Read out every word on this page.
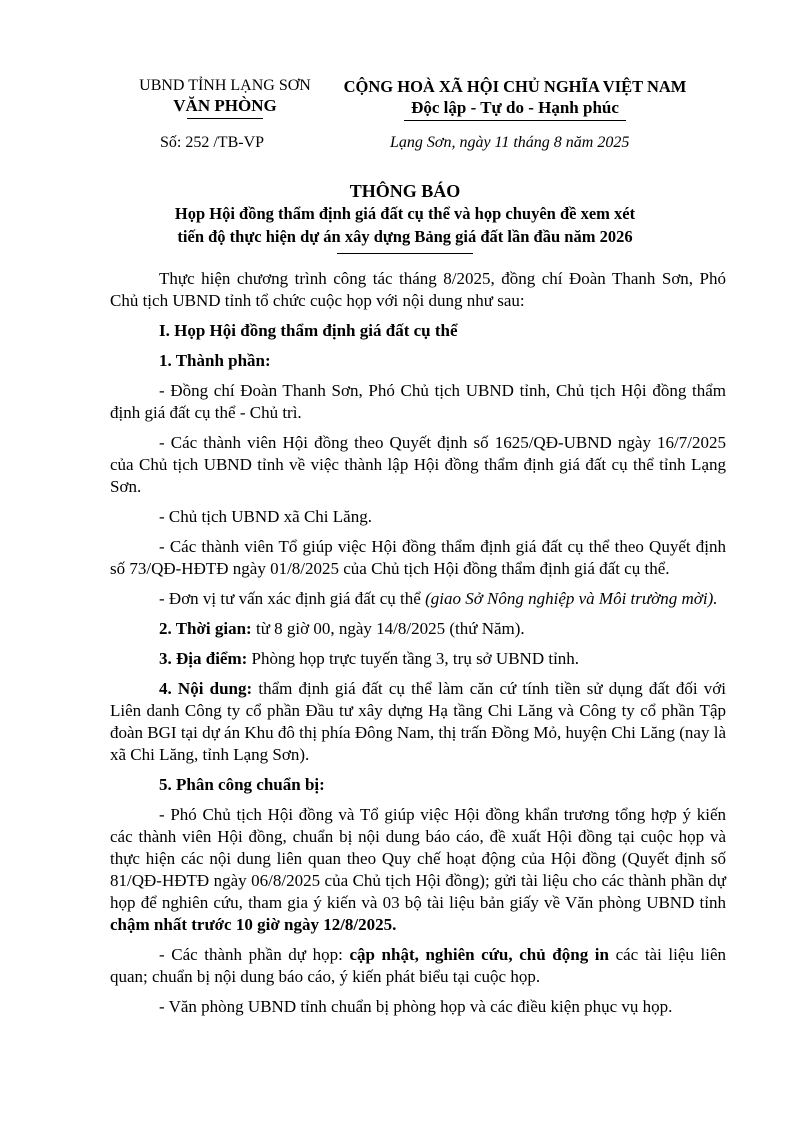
UBND TỈNH LẠNG SƠN
VĂN PHÒNG
CỘNG HOÀ XÃ HỘI CHỦ NGHĨA VIỆT NAM
Độc lập - Tự do - Hạnh phúc
Số: 252 /TB-VP	Lạng Sơn, ngày 11 tháng 8 năm 2025
THÔNG BÁO
Họp Hội đồng thẩm định giá đất cụ thể và họp chuyên đề xem xét
tiến độ thực hiện dự án xây dựng Bảng giá đất lần đầu năm 2026

Thực hiện chương trình công tác tháng 8/2025, đồng chí Đoàn Thanh Sơn, Phó Chủ tịch UBND tỉnh tổ chức cuộc họp với nội dung như sau:

I. Họp Hội đồng thẩm định giá đất cụ thể

1. Thành phần:

- Đồng chí Đoàn Thanh Sơn, Phó Chủ tịch UBND tỉnh, Chủ tịch Hội đồng thẩm định giá đất cụ thể - Chủ trì.

- Các thành viên Hội đồng theo Quyết định số 1625/QĐ-UBND ngày 16/7/2025 của Chủ tịch UBND tỉnh về việc thành lập Hội đồng thẩm định giá đất cụ thể tỉnh Lạng Sơn.

- Chủ tịch UBND xã Chi Lăng.

- Các thành viên Tổ giúp việc Hội đồng thẩm định giá đất cụ thể theo Quyết định số 73/QĐ-HĐTĐ ngày 01/8/2025 của Chủ tịch Hội đồng thẩm định giá đất cụ thể.

- Đơn vị tư vấn xác định giá đất cụ thể (giao Sở Nông nghiệp và Môi trường mời).

2. Thời gian: từ 8 giờ 00, ngày 14/8/2025 (thứ Năm).

3. Địa điểm: Phòng họp trực tuyến tầng 3, trụ sở UBND tỉnh.

4. Nội dung: thẩm định giá đất cụ thể làm căn cứ tính tiền sử dụng đất đối với Liên danh Công ty cổ phần Đầu tư xây dựng Hạ tầng Chi Lăng và Công ty cổ phần Tập đoàn BGI tại dự án Khu đô thị phía Đông Nam, thị trấn Đồng Mỏ, huyện Chi Lăng (nay là xã Chi Lăng, tỉnh Lạng Sơn).

5. Phân công chuẩn bị:

- Phó Chủ tịch Hội đồng và Tổ giúp việc Hội đồng khẩn trương tổng hợp ý kiến các thành viên Hội đồng, chuẩn bị nội dung báo cáo, đề xuất Hội đồng tại cuộc họp và thực hiện các nội dung liên quan theo Quy chế hoạt động của Hội đồng (Quyết định số 81/QĐ-HĐTĐ ngày 06/8/2025 của Chủ tịch Hội đồng); gửi tài liệu cho các thành phần dự họp để nghiên cứu, tham gia ý kiến và 03 bộ tài liệu bản giấy về Văn phòng UBND tỉnh chậm nhất trước 10 giờ ngày 12/8/2025.

- Các thành phần dự họp: cập nhật, nghiên cứu, chủ động in các tài liệu liên quan; chuẩn bị nội dung báo cáo, ý kiến phát biểu tại cuộc họp.

- Văn phòng UBND tỉnh chuẩn bị phòng họp và các điều kiện phục vụ họp.
